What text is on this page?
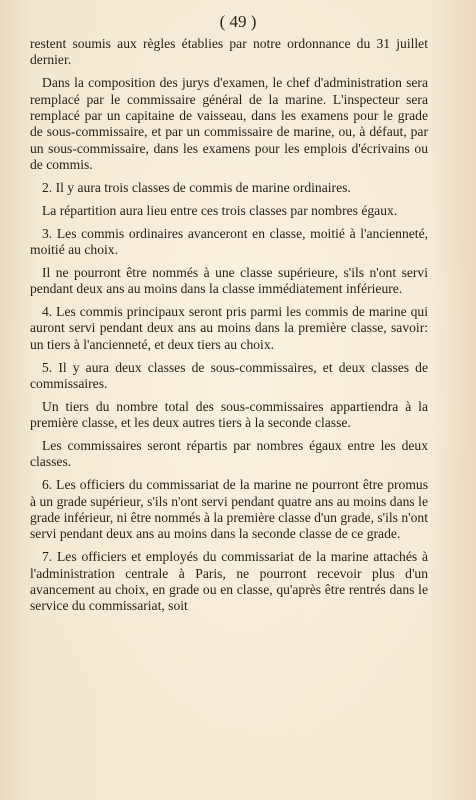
( 49 )

restent soumis aux règles établies par notre ordonnance du 31 juillet dernier.

Dans la composition des jurys d'examen, le chef d'administration sera remplacé par le commissaire général de la marine. L'inspecteur sera remplacé par un capitaine de vaisseau, dans les examens pour le grade de sous-commissaire, et par un commissaire de marine, ou, à défaut, par un sous-commissaire, dans les examens pour les emplois d'écrivains ou de commis.

2. Il y aura trois classes de commis de marine ordinaires.

La répartition aura lieu entre ces trois classes par nombres égaux.

3. Les commis ordinaires avanceront en classe, moitié à l'ancienneté, moitié au choix.

Il ne pourront être nommés à une classe supérieure, s'ils n'ont servi pendant deux ans au moins dans la classe immédiatement inférieure.

4. Les commis principaux seront pris parmi les commis de marine qui auront servi pendant deux ans au moins dans la première classe, savoir: un tiers à l'ancienneté, et deux tiers au choix.

5. Il y aura deux classes de sous-commissaires, et deux classes de commissaires.

Un tiers du nombre total des sous-commissaires appartiendra à la première classe, et les deux autres tiers à la seconde classe.

Les commissaires seront répartis par nombres égaux entre les deux classes.

6. Les officiers du commissariat de la marine ne pourront être promus à un grade supérieur, s'ils n'ont servi pendant quatre ans au moins dans le grade inférieur, ni être nommés à la première classe d'un grade, s'ils n'ont servi pendant deux ans au moins dans la seconde classe de ce grade.

7. Les officiers et employés du commissariat de la marine attachés à l'administration centrale à Paris, ne pourront recevoir plus d'un avancement au choix, en grade ou en classe, qu'après être rentrés dans le service du commissariat, soit
